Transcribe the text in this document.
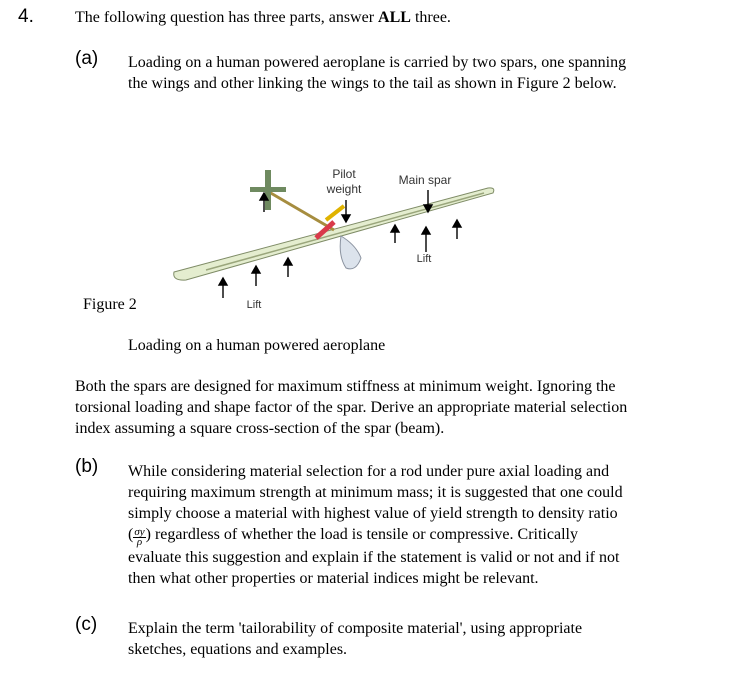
4.	The following question has three parts, answer ALL three.
(a) Loading on a human powered aeroplane is carried by two spars, one spanning
the wings and other linking the wings to the tail as shown in Figure 2 below.
Pilot
weight
Main spar
Lift
Lift
Figure 2
Loading on a human powered aeroplane
Both the spars are designed for maximum stiffness at minimum weight. Ignoring the
torsional loading and shape factor of the spar. Derive an appropriate material selection
index assuming a square cross-section of the spar (beam).
(b) While considering material selection for a rod under pure axial loading and
requiring maximum strength at minimum mass; it is suggested that one could
simply choose a material with highest value of yield strength to density ratio
( $\frac{\sigma y}{\rho}$ ) regardless of whether the load is tensile or compressive. Critically
evaluate this suggestion and explain if the statement is valid or not and if not
then what other properties or material indices might be relevant.
(c) Explain the term 'tailorability of composite material', using appropriate
sketches, equations and examples.
